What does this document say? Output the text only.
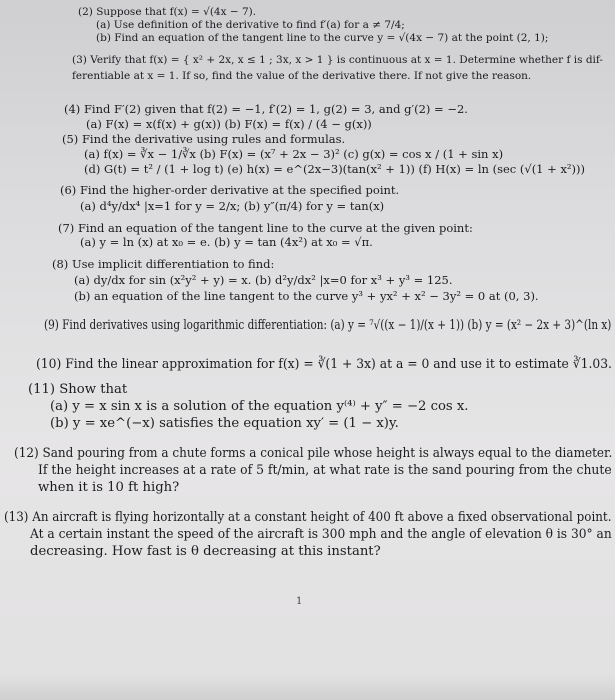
(2) Suppose that f(x) = √(4x − 7).
(a) Use definition of the derivative to find f′(a) for a ≠ 7/4;
(b) Find an equation of the tangent line to the curve y = √(4x − 7) at the point (2, 1);
(3) Verify that f(x) = { x² + 2x, x ≤ 1 ; 3x, x > 1 } is continuous at x = 1. Determine whether f is dif-
ferentiable at x = 1. If so, find the value of the derivative there. If not give the reason.
(4) Find F′(2) given that f(2) = −1, f′(2) = 1, g(2) = 3, and g′(2) = −2.
(a) F(x) = x(f(x) + g(x)) (b) F(x) = f(x) / (4 − g(x))
(5) Find the derivative using rules and formulas.
(a) f(x) = ∛x − 1/∛x (b) F(x) = (x⁷ + 2x − 3)² (c) g(x) = cos x / (1 + sin x)
(d) G(t) = t² / (1 + log t) (e) h(x) = e^(2x−3)(tan(x² + 1)) (f) H(x) = ln (sec (√(1 + x²)))
(6) Find the higher-order derivative at the specified point.
(a) d⁴y/dx⁴ |x=1 for y = 2/x; (b) y″(π/4) for y = tan(x)
(7) Find an equation of the tangent line to the curve at the given point:
(a) y = ln (x) at x₀ = e. (b) y = tan (4x²) at x₀ = √π.
(8) Use implicit differentiation to find:
(a) dy/dx for sin (x²y² + y) = x. (b) d²y/dx² |x=0 for x³ + y³ = 125.
(b) an equation of the line tangent to the curve y³ + yx² + x² − 3y² = 0 at (0, 3).
(9) Find derivatives using logarithmic differentiation: (a) y = ⁷√((x − 1)/(x + 1)) (b) y = (x² − 2x + 3)^(ln x)
(10) Find the linear approximation for f(x) = ∛(1 + 3x) at a = 0 and use it to estimate ∛1.03.
(11) Show that
(a) y = x sin x is a solution of the equation y⁽⁴⁾ + y″ = −2 cos x.
(b) y = xe^(−x) satisfies the equation xy′ = (1 − x)y.
(12) Sand pouring from a chute forms a conical pile whose height is always equal to the diameter.
If the height increases at a rate of 5 ft/min, at what rate is the sand pouring from the chute
when it is 10 ft high?
(13) An aircraft is flying horizontally at a constant height of 400 ft above a fixed observational point.
At a certain instant the speed of the aircraft is 300 mph and the angle of elevation θ is 30° an
decreasing. How fast is θ decreasing at this instant?
1
